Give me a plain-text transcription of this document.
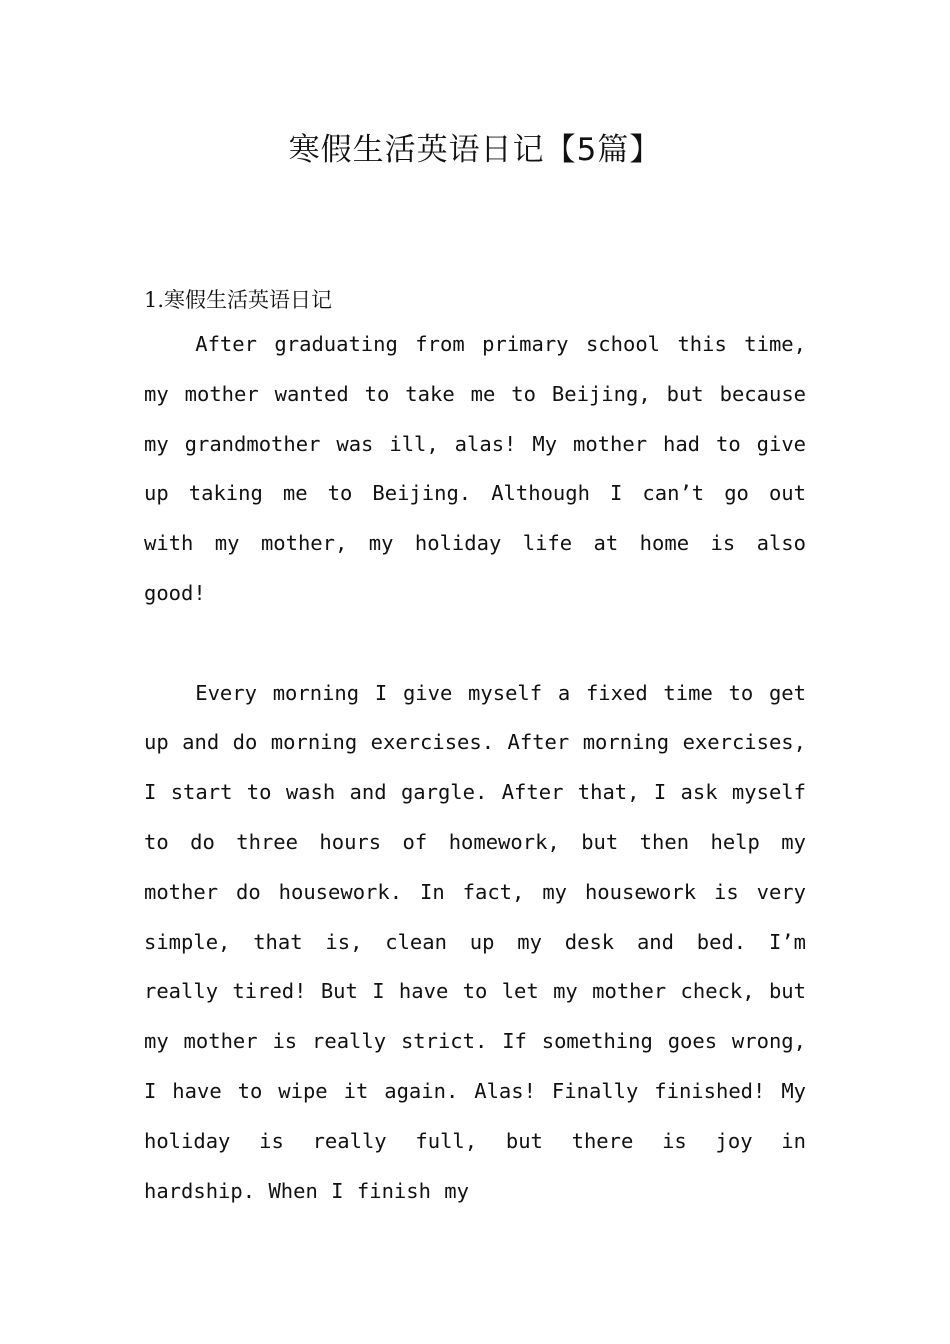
寒假生活英语日记【5篇】
1.寒假生活英语日记

After graduating from primary school this time, my mother wanted to take me to Beijing, but because my grandmother was ill, alas! My mother had to give up taking me to Beijing. Although I can’t go out with my mother, my holiday life at home is also good!

Every morning I give myself a fixed time to get up and do morning exercises. After morning exercises, I start to wash and gargle. After that, I ask myself to do three hours of homework, but then help my mother do housework. In fact, my housework is very simple, that is, clean up my desk and bed. I’m really tired! But I have to let my mother check, but my mother is really strict. If something goes wrong, I have to wipe it again. Alas! Finally finished! My holiday is really full, but there is joy in hardship. When I finish my
